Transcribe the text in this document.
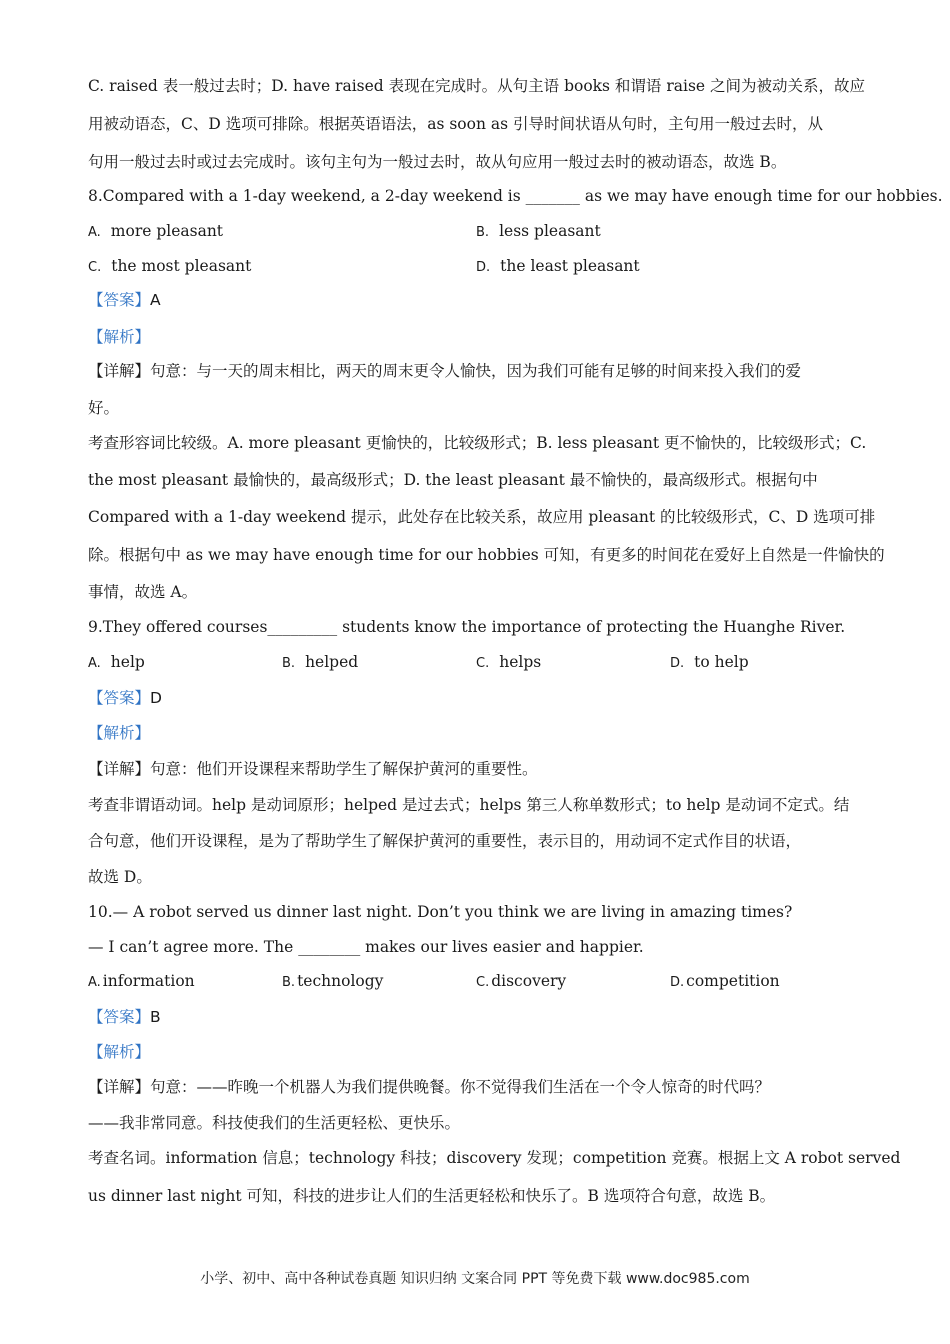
C. raised 表一般过去时；D. have raised 表现在完成时。从句主语 books 和谓语 raise 之间为被动关系，故应
用被动语态，C、D 选项可排除。根据英语语法，as soon as 引导时间状语从句时，主句用一般过去时，从
句用一般过去时或过去完成时。该句主句为一般过去时，故从句应用一般过去时的被动语态，故选 B。
8.Compared with a 1-day weekend, a 2-day weekend is _______ as we may have enough time for our hobbies.
A. more pleasant	B. less pleasant
C. the most pleasant	D. the least pleasant
【答案】A
【解析】
【详解】句意：与一天的周末相比，两天的周末更令人愉快，因为我们可能有足够的时间来投入我们的爱
好。
考查形容词比较级。A. more pleasant 更愉快的，比较级形式；B. less pleasant 更不愉快的，比较级形式；C.
the most pleasant 最愉快的，最高级形式；D. the least pleasant 最不愉快的，最高级形式。根据句中
Compared with a 1-day weekend 提示，此处存在比较关系，故应用 pleasant 的比较级形式，C、D 选项可排
除。根据句中 as we may have enough time for our hobbies 可知，有更多的时间花在爱好上自然是一件愉快的
事情，故选 A。
9.They offered courses_________ students know the importance of protecting the Huanghe River.
A. help	B. helped	C. helps	D. to help
【答案】D
【解析】
【详解】句意：他们开设课程来帮助学生了解保护黄河的重要性。
考查非谓语动词。help 是动词原形；helped 是过去式；helps 第三人称单数形式；to help 是动词不定式。结
合句意，他们开设课程，是为了帮助学生了解保护黄河的重要性，表示目的，用动词不定式作目的状语，
故选 D。
10.— A robot served us dinner last night. Don’t you think we are living in amazing times?
— I can’t agree more. The ________ makes our lives easier and happier.
A. information	B. technology	C. discovery	D. competition
【答案】B
【解析】
【详解】句意：——昨晚一个机器人为我们提供晚餐。你不觉得我们生活在一个令人惊奇的时代吗？
——我非常同意。科技使我们的生活更轻松、更快乐。
考查名词。information 信息；technology 科技；discovery 发现；competition 竞赛。根据上文 A robot served
us dinner last night 可知，科技的进步让人们的生活更轻松和快乐了。B 选项符合句意，故选 B。
小学、初中、高中各种试卷真题 知识归纳 文案合同 PPT 等免费下载 www.doc985.com
